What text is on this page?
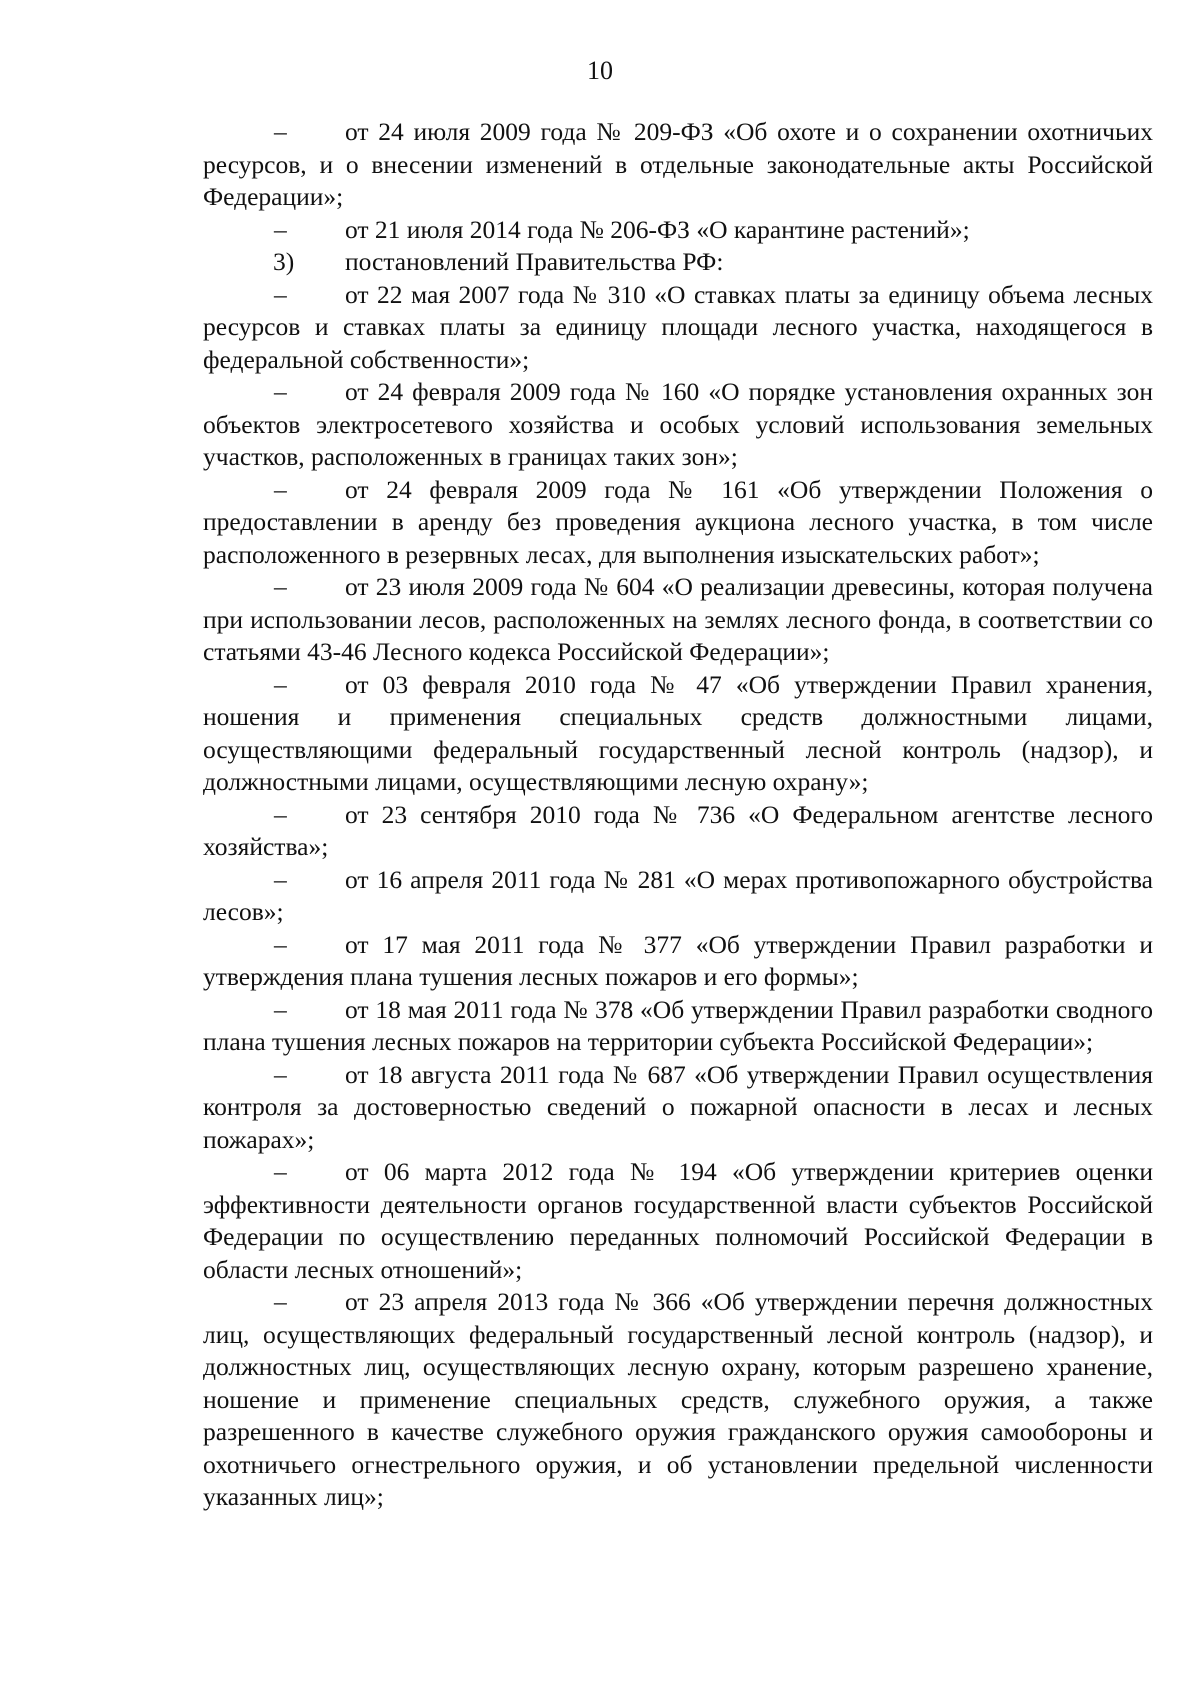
10

– от 24 июля 2009 года № 209-ФЗ «Об охоте и о сохранении охотничьих ресурсов, и о внесении изменений в отдельные законодательные акты Российской Федерации»;

– от 21 июля 2014 года № 206-ФЗ «О карантине растений»;

3) постановлений Правительства РФ:

– от 22 мая 2007 года № 310 «О ставках платы за единицу объема лесных ресурсов и ставках платы за единицу площади лесного участка, находящегося в федеральной собственности»;

– от 24 февраля 2009 года № 160 «О порядке установления охранных зон объектов электросетевого хозяйства и особых условий использования земельных участков, расположенных в границах таких зон»;

– от 24 февраля 2009 года № 161 «Об утверждении Положения о предоставлении в аренду без проведения аукциона лесного участка, в том числе расположенного в резервных лесах, для выполнения изыскательских работ»;

– от 23 июля 2009 года № 604 «О реализации древесины, которая получена при использовании лесов, расположенных на землях лесного фонда, в соответствии со статьями 43-46 Лесного кодекса Российской Федерации»;

– от 03 февраля 2010 года № 47 «Об утверждении Правил хранения, ношения и применения специальных средств должностными лицами, осуществляющими федеральный государственный лесной контроль (надзор), и должностными лицами, осуществляющими лесную охрану»;

– от 23 сентября 2010 года № 736 «О Федеральном агентстве лесного хозяйства»;

– от 16 апреля 2011 года № 281 «О мерах противопожарного обустройства лесов»;

– от 17 мая 2011 года № 377 «Об утверждении Правил разработки и утверждения плана тушения лесных пожаров и его формы»;

– от 18 мая 2011 года № 378 «Об утверждении Правил разработки сводного плана тушения лесных пожаров на территории субъекта Российской Федерации»;

– от 18 августа 2011 года № 687 «Об утверждении Правил осуществления контроля за достоверностью сведений о пожарной опасности в лесах и лесных пожарах»;

– от 06 марта 2012 года № 194 «Об утверждении критериев оценки эффективности деятельности органов государственной власти субъектов Российской Федерации по осуществлению переданных полномочий Российской Федерации в области лесных отношений»;

– от 23 апреля 2013 года № 366 «Об утверждении перечня должностных лиц, осуществляющих федеральный государственный лесной контроль (надзор), и должностных лиц, осуществляющих лесную охрану, которым разрешено хранение, ношение и применение специальных средств, служебного оружия, а также разрешенного в качестве служебного оружия гражданского оружия самообороны и охотничьего огнестрельного оружия, и об установлении предельной численности указанных лиц»;
